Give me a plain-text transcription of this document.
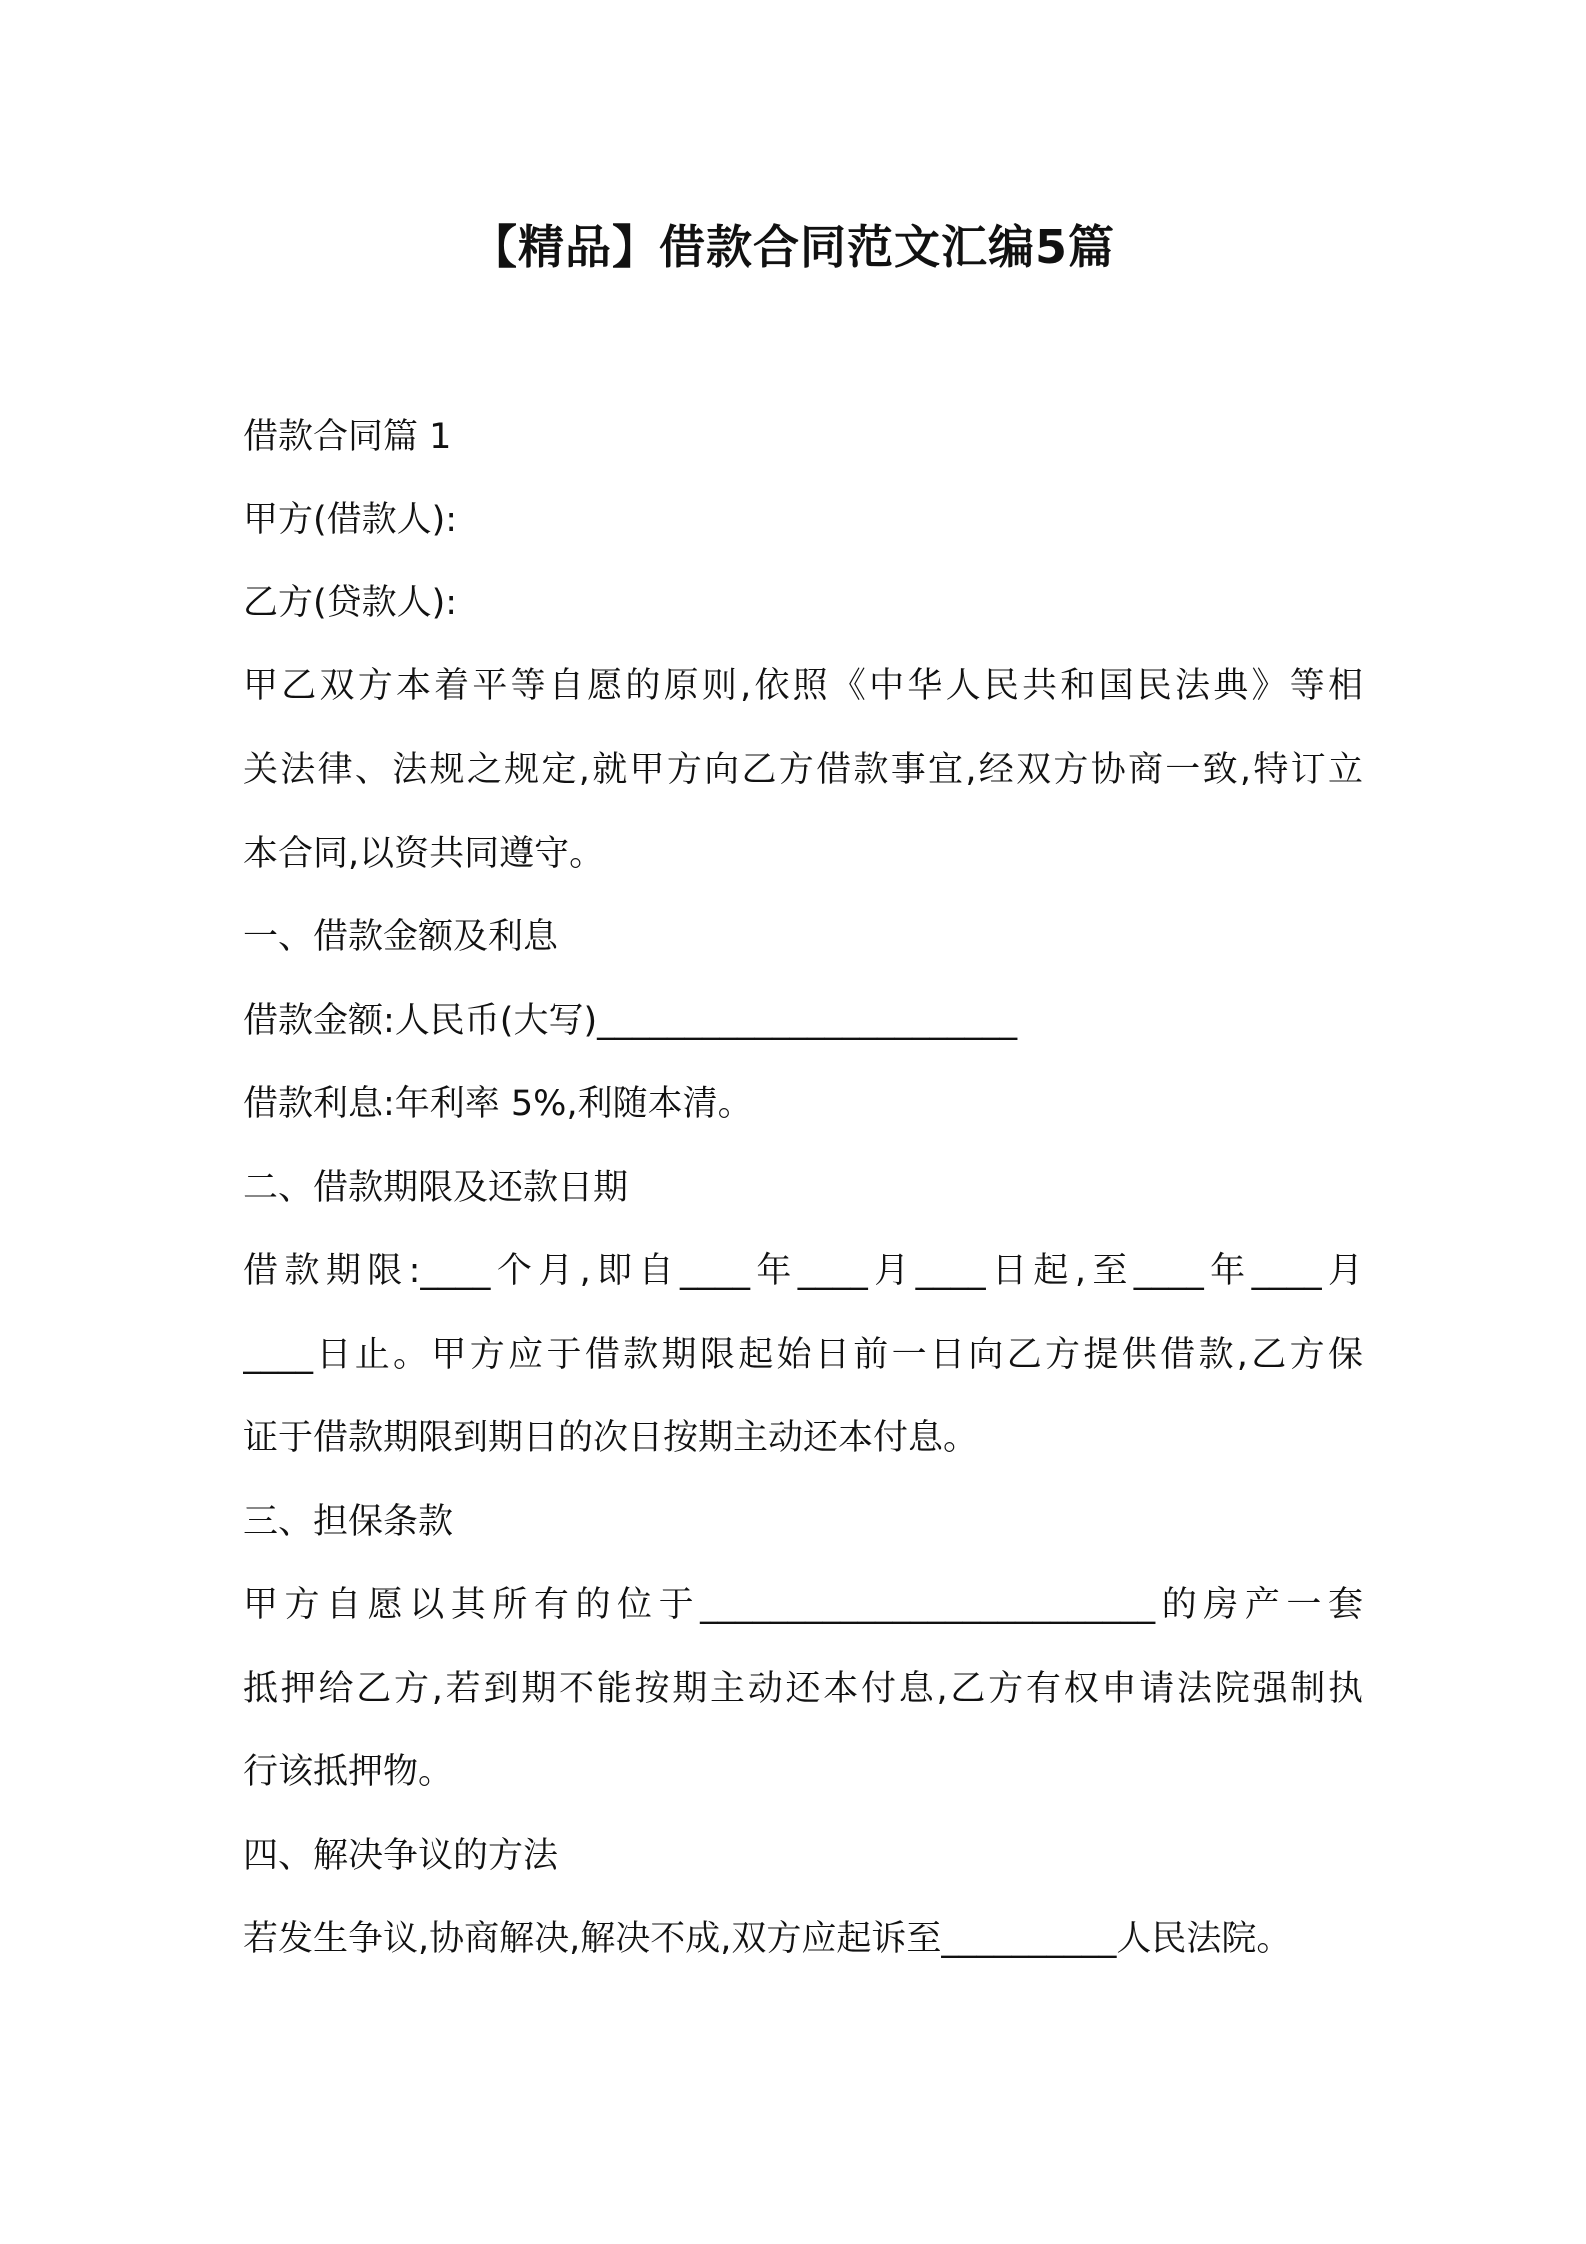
【精品】借款合同范文汇编5篇
借款合同篇 1
甲方(借款人):
乙方(贷款人):
甲乙双方本着平等自愿的原则,依照《中华人民共和国民法典》等相
关法律、法规之规定,就甲方向乙方借款事宜,经双方协商一致,特订立
本合同,以资共同遵守。
一、借款金额及利息
借款金额:人民币(大写)________________________
借款利息:年利率 5%,利随本清。
二、借款期限及还款日期
借款期限:____个月,即自____年____月____日起,至____年____月
____日止。甲方应于借款期限起始日前一日向乙方提供借款,乙方保
证于借款期限到期日的次日按期主动还本付息。
三、担保条款
甲方自愿以其所有的位于__________________________的房产一套
抵押给乙方,若到期不能按期主动还本付息,乙方有权申请法院强制执
行该抵押物。
四、解决争议的方法
若发生争议,协商解决,解决不成,双方应起诉至__________人民法院。
